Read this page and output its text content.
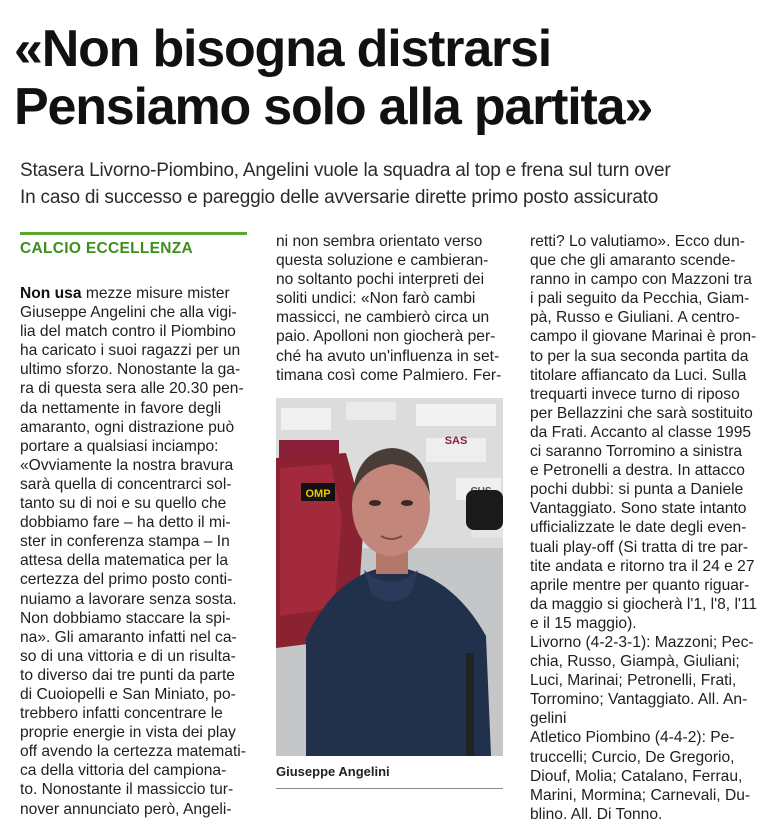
«Non bisogna distrarsi
Pensiamo solo alla partita»

Stasera Livorno-Piombino, Angelini vuole la squadra al top e frena sul turn over
In caso di successo e pareggio delle avversarie dirette primo posto assicurato

CALCIO ECCELLENZA
Non usa mezze misure mister
Giuseppe Angelini che alla vigi-
lia del match contro il Piombino
ha caricato i suoi ragazzi per un
ultimo sforzo. Nonostante la ga-
ra di questa sera alle 20.30 pen-
da nettamente in favore degli
amaranto, ogni distrazione può
portare a qualsiasi inciampo:
«Ovviamente la nostra bravura
sarà quella di concentrarci sol-
tanto su di noi e su quello che
dobbiamo fare – ha detto il mi-
ster in conferenza stampa – In
attesa della matematica per la
certezza del primo posto conti-
nuiamo a lavorare senza sosta.
Non dobbiamo staccare la spi-
na». Gli amaranto infatti nel ca-
so di una vittoria e di un risulta-
to diverso dai tre punti da parte
di Cuoiopelli e San Miniato, po-
trebbero infatti concentrare le
proprie energie in vista dei play
off avendo la certezza matemati-
ca della vittoria del campiona-
to. Nonostante il massiccio tur-
nover annunciato però, Angeli-
ni non sembra orientato verso
questa soluzione e cambieran-
no soltanto pochi interpreti dei
soliti undici: «Non farò cambi
massicci, ne cambierò circa un
paio. Apolloni non giocherà per-
ché ha avuto un'influenza in set-
timana così come Palmiero. Fer-
OMP
SAS
Giuseppe Angelini
retti? Lo valutiamo». Ecco dun-
que che gli amaranto scende-
ranno in campo con Mazzoni tra
i pali seguito da Pecchia, Giam-
pà, Russo e Giuliani. A centro-
campo il giovane Marinai è pron-
to per la sua seconda partita da
titolare affiancato da Luci. Sulla
trequarti invece turno di riposo
per Bellazzini che sarà sostituito
da Frati. Accanto al classe 1995
ci saranno Torromino a sinistra
e Petronelli a destra. In attacco
pochi dubbi: si punta a Daniele
Vantaggiato. Sono state intanto
ufficializzate le date degli even-
tuali play-off (Si tratta di tre par-
tite andata e ritorno tra il 24 e 27
aprile mentre per quanto riguar-
da maggio si giocherà l'1, l'8, l'11
e il 15 maggio).
Livorno (4-2-3-1): Mazzoni; Pec-
chia, Russo, Giampà, Giuliani;
Luci, Marinai; Petronelli, Frati,
Torromino; Vantaggiato. All. An-
gelini
Atletico Piombino (4-4-2): Pe-
truccelli; Curcio, De Gregorio,
Diouf, Molia; Catalano, Ferrau,
Marini, Mormina; Carnevali, Du-
blino. All. Di Tonno.
